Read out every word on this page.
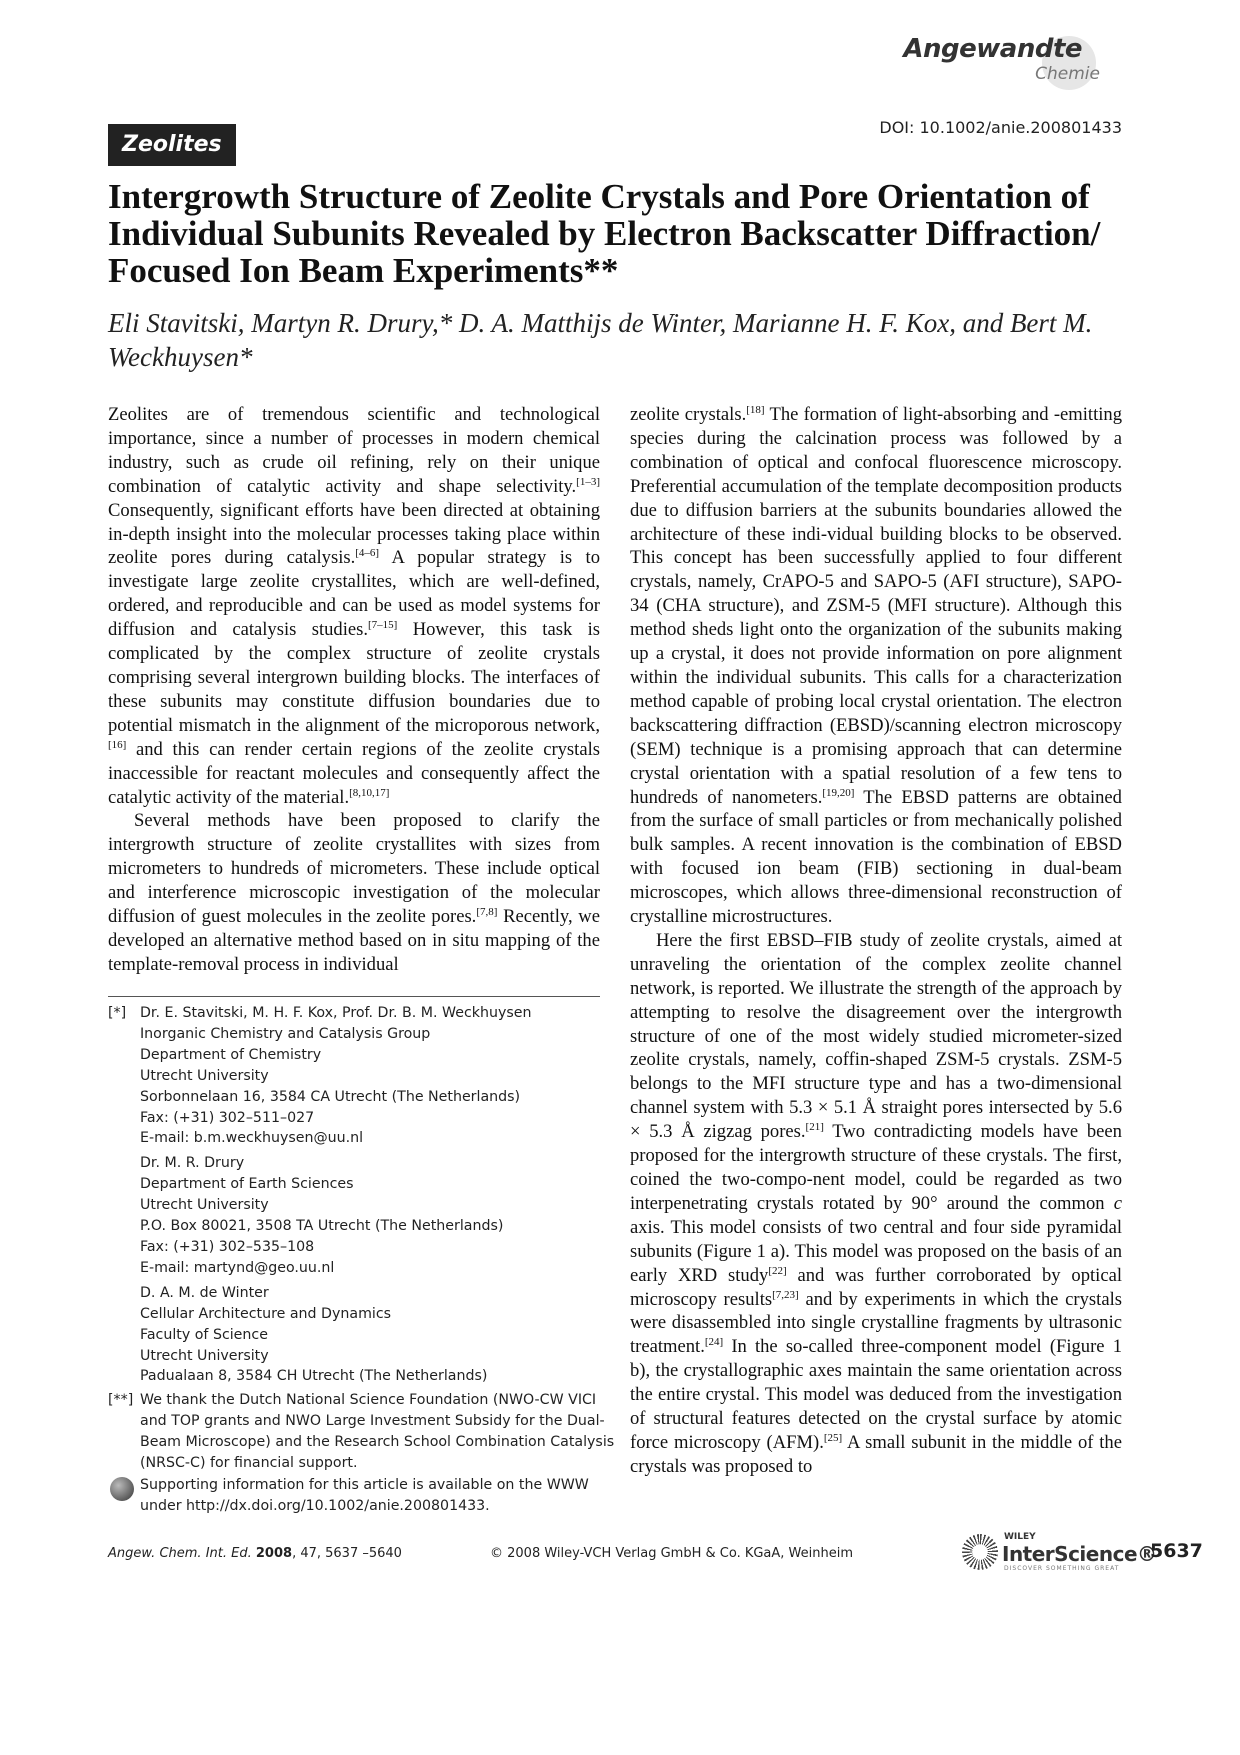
Angewandte
Chemie
DOI: 10.1002/anie.200801433
Zeolites
Intergrowth Structure of Zeolite Crystals and Pore Orientation of Individual Subunits Revealed by Electron Backscatter Diffraction/ Focused Ion Beam Experiments**
Eli Stavitski, Martyn R. Drury,* D. A. Matthijs de Winter, Marianne H. F. Kox, and Bert M. Weckhuysen*

Zeolites are of tremendous scientific and technological importance, since a number of processes in modern chemical industry, such as crude oil refining, rely on their unique combination of catalytic activity and shape selectivity.[1–3] Consequently, significant efforts have been directed at obtaining in-depth insight into the molecular processes taking place within zeolite pores during catalysis.[4–6] A popular strategy is to investigate large zeolite crystallites, which are well-defined, ordered, and reproducible and can be used as model systems for diffusion and catalysis studies.[7–15] However, this task is complicated by the complex structure of zeolite crystals comprising several intergrown building blocks. The interfaces of these subunits may constitute diffusion boundaries due to potential mismatch in the alignment of the microporous network,[16] and this can render certain regions of the zeolite crystals inaccessible for reactant molecules and consequently affect the catalytic activity of the material.[8,10,17]

Several methods have been proposed to clarify the intergrowth structure of zeolite crystallites with sizes from micrometers to hundreds of micrometers. These include optical and interference microscopic investigation of the molecular diffusion of guest molecules in the zeolite pores.[7,8] Recently, we developed an alternative method based on in situ mapping of the template-removal process in individual

zeolite crystals.[18] The formation of light-absorbing and -emitting species during the calcination process was followed by a combination of optical and confocal fluorescence microscopy. Preferential accumulation of the template decomposition products due to diffusion barriers at the subunits boundaries allowed the architecture of these indi-vidual building blocks to be observed. This concept has been successfully applied to four different crystals, namely, CrAPO-5 and SAPO-5 (AFI structure), SAPO-34 (CHA structure), and ZSM-5 (MFI structure). Although this method sheds light onto the organization of the subunits making up a crystal, it does not provide information on pore alignment within the individual subunits. This calls for a characterization method capable of probing local crystal orientation. The electron backscattering diffraction (EBSD)/scanning electron microscopy (SEM) technique is a promising approach that can determine crystal orientation with a spatial resolution of a few tens to hundreds of nanometers.[19,20] The EBSD patterns are obtained from the surface of small particles or from mechanically polished bulk samples. A recent innovation is the combination of EBSD with focused ion beam (FIB) sectioning in dual-beam microscopes, which allows three-dimensional reconstruction of crystalline microstructures.

Here the first EBSD–FIB study of zeolite crystals, aimed at unraveling the orientation of the complex zeolite channel network, is reported. We illustrate the strength of the approach by attempting to resolve the disagreement over the intergrowth structure of one of the most widely studied micrometer-sized zeolite crystals, namely, coffin-shaped ZSM-5 crystals. ZSM-5 belongs to the MFI structure type and has a two-dimensional channel system with 5.3 × 5.1 Å straight pores intersected by 5.6 × 5.3 Å zigzag pores.[21] Two contradicting models have been proposed for the intergrowth structure of these crystals. The first, coined the two-compo-nent model, could be regarded as two interpenetrating crystals rotated by 90° around the common c axis. This model consists of two central and four side pyramidal subunits (Figure 1 a). This model was proposed on the basis of an early XRD study[22] and was further corroborated by optical microscopy results[7,23] and by experiments in which the crystals were disassembled into single crystalline fragments by ultrasonic treatment.[24] In the so-called three-component model (Figure 1 b), the crystallographic axes maintain the same orientation across the entire crystal. This model was deduced from the investigation of structural features detected on the crystal surface by atomic force microscopy (AFM).[25] A small subunit in the middle of the crystals was proposed to

[*] Dr. E. Stavitski, M. H. F. Kox, Prof. Dr. B. M. Weckhuysen
Inorganic Chemistry and Catalysis Group
Department of Chemistry
Utrecht University
Sorbonnelaan 16, 3584 CA Utrecht (The Netherlands)
Fax: (+31) 302–511–027
E-mail: b.m.weckhuysen@uu.nl
Dr. M. R. Drury
Department of Earth Sciences
Utrecht University
P.O. Box 80021, 3508 TA Utrecht (The Netherlands)
Fax: (+31) 302–535–108
E-mail: martynd@geo.uu.nl
D. A. M. de Winter
Cellular Architecture and Dynamics
Faculty of Science
Utrecht University
Padualaan 8, 3584 CH Utrecht (The Netherlands)
[**] We thank the Dutch National Science Foundation (NWO-CW VICI
and TOP grants and NWO Large Investment Subsidy for the Dual-
Beam Microscope) and the Research School Combination Catalysis
(NRSC-C) for financial support.
Supporting information for this article is available on the WWW
under http://dx.doi.org/10.1002/anie.200801433.
Angew. Chem. Int. Ed. 2008, 47, 5637 –5640	© 2008 Wiley-VCH Verlag GmbH & Co. KGaA, Weinheim
WILEY
InterScience®
DISCOVER SOMETHING GREAT
5637
